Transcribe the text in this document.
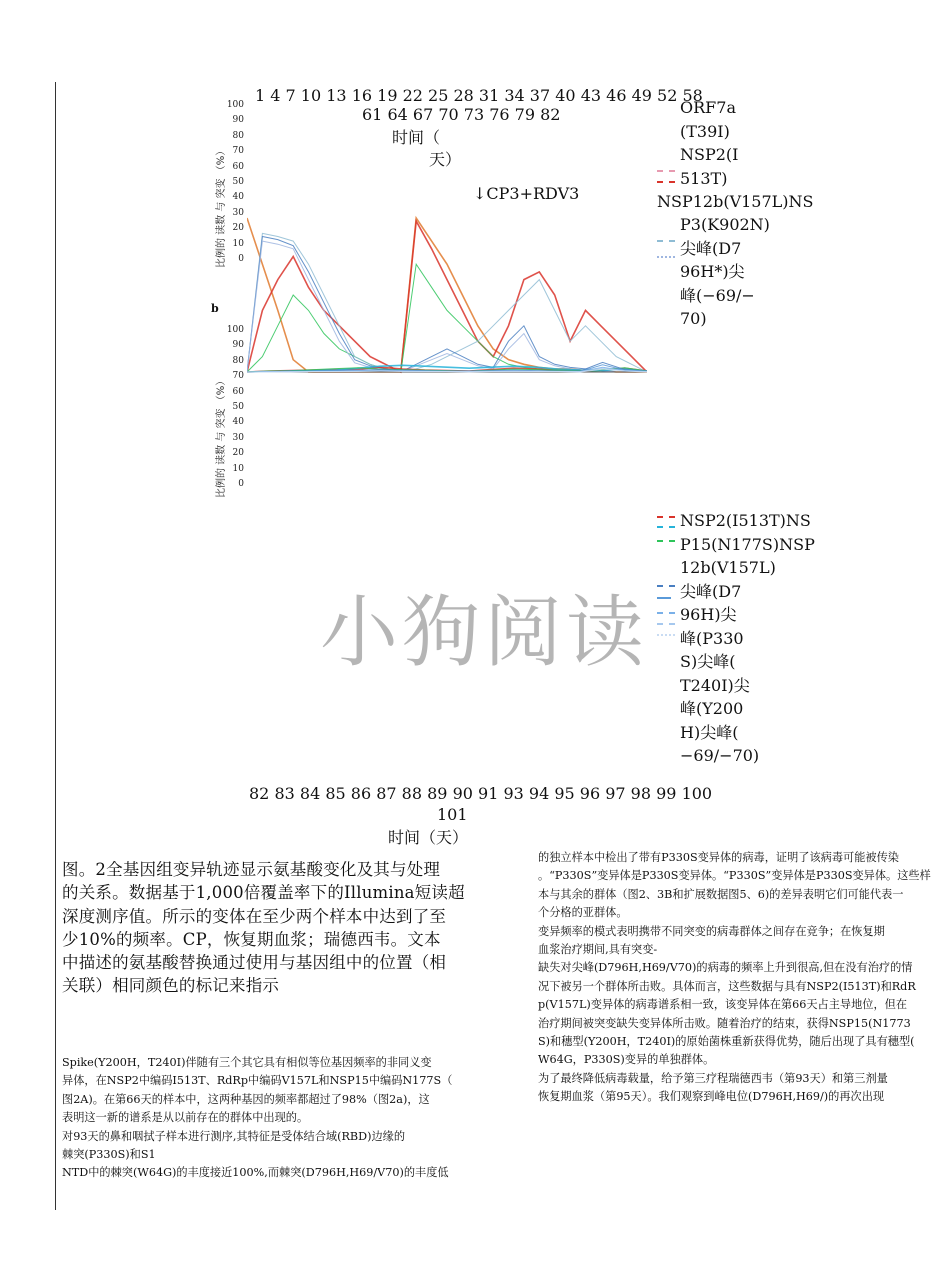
1 4 7 10 13 16 19 22 25 28 31 34 37 40 43 46 49 52 58
61 64 67 70 73 76 79 82
时间（
天）
↓CP3+RDV3
100
90
80
70
60
50
40
30
20
10
0
比例的 读数 与 突变 （%）
b
ORF7a
(T39I)
NSP2(I
513T)
NSP12b(V157L)NS
P3(K902N)
尖峰(D7
96H*)尖
峰(−69/−
70)
100
90
80
70
60
50
40
30
20
10
0
比例的 读数 与 突变 （%）
NSP2(I513T)NS
P15(N177S)NSP
12b(V157L)
尖峰(D7
96H)尖
峰(P330
S)尖峰(
T240I)尖
峰(Y200
H)尖峰(
−69/−70)
小狗阅读
82 83 84 85 86 87 88 89 90 91 93 94 95 96 97 98 99 100
101
时间（天）
图。2全基因组变异轨迹显示氨基酸变化及其与处理
的关系。数据基于1,000倍覆盖率下的Illumina短读超
深度测序值。所示的变体在至少两个样本中达到了至
少10%的频率。CP，恢复期血浆；瑞德西韦。文本
中描述的氨基酸替换通过使用与基因组中的位置（相
关联）相同颜色的标记来指示
Spike(Y200H，T240I)伴随有三个其它具有相似等位基因频率的非同义变
异体，在NSP2中编码I513T、RdRp中编码V157L和NSP15中编码N177S（
图2A)。在第66天的样本中，这两种基因的频率都超过了98%（图2a)，这
表明这一新的谱系是从以前存在的群体中出现的。
对93天的鼻和咽拭子样本进行测序,其特征是受体结合域(RBD)边缘的
棘突(P330S)和S1
NTD中的棘突(W64G)的丰度接近100%,而棘突(D796H,H69/V70)的丰度低
的独立样本中检出了带有P330S变异体的病毒，证明了该病毒可能被传染
。“P330S”变异体是P330S变异体。“P330S”变异体是P330S变异体。这些样
本与其余的群体（图2、3B和扩展数据图5、6)的差异表明它们可能代表一
个分格的亚群体。
变异频率的模式表明携带不同突变的病毒群体之间存在竞争；在恢复期
血浆治疗期间,具有突变-
缺失对尖峰(D796H,H69/V70)的病毒的频率上升到很高,但在没有治疗的情
况下被另一个群体所击败。具体而言，这些数据与具有NSP2(I513T)和RdR
p(V157L)变异体的病毒谱系相一致，该变异体在第66天占主导地位，但在
治疗期间被突变缺失变异体所击败。随着治疗的结束，获得NSP15(N1773
S)和穗型(Y200H，T240I)的原始菌株重新获得优势，随后出现了具有穗型(
W64G，P330S)变异的单独群体。
为了最终降低病毒载量，给予第三疗程瑞德西韦（第93天）和第三剂量
恢复期血浆（第95天）。我们观察到峰电位(D796H,H69/)的再次出现
